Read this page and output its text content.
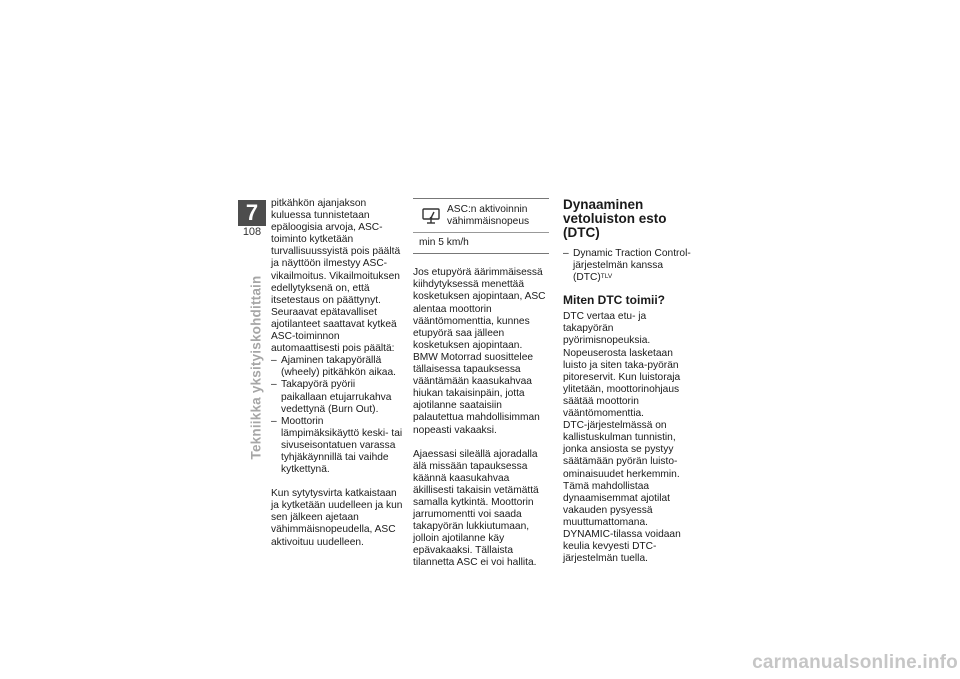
7
108
Tekniikka yksityiskohdittain

pitkähkön ajanjakson kuluessa tunnistetaan epäloogisia arvoja, ASC-toiminto kytketään turvallisuussyistä pois päältä ja näyttöön ilmestyy ASC-vikailmoitus. Vikailmoituksen edellytyksenä on, että itsetestaus on päättynyt.

Seuraavat epätavalliset ajotilanteet saattavat kytkeä ASC-toiminnon automaattisesti pois päältä:

– Ajaminen takapyörällä (wheely) pitkähkön aikaa.
– Takapyörä pyörii paikallaan etujarrukahva vedettynä (Burn Out).
– Moottorin lämpimäksikäyttö keski- tai sivuseisontatuen varassa tyhjäkäynnillä tai vaihde kytkettynä.

Kun sytytysvirta katkaistaan ja kytketään uudelleen ja kun sen jälkeen ajetaan vähimmäisnopeudella, ASC aktivoituu uudelleen.

ASC:n aktivoinnin vähimmäisnopeus
min 5 km/h

Jos etupyörä äärimmäisessä kiihdytyksessä menettää kosketuksen ajopintaan, ASC alentaa moottorin vääntömomenttia, kunnes etupyörä saa jälleen kosketuksen ajopintaan.

BMW Motorrad suosittelee tällaisessa tapauksessa vääntämään kaasukahvaa hiukan takaisinpäin, jotta ajotilanne saataisiin palautettua mahdollisimman nopeasti vakaaksi.

Ajaessasi sileällä ajoradalla älä missään tapauksessa käännä kaasukahvaa äkillisesti takaisin vetämättä samalla kytkintä. Moottorin jarrumomentti voi saada takapyörän lukkiutumaan, jolloin ajotilanne käy epävakaaksi. Tällaista tilannetta ASC ei voi hallita.

Dynaaminen vetoluiston esto (DTC)
– Dynamic Traction Control-järjestelmän kanssa (DTC)$^{TLV}$
Miten DTC toimii?

DTC vertaa etu- ja takapyörän pyörimisnopeuksia. Nopeuserosta lasketaan luisto ja siten taka-pyörän pitoreservit. Kun luistoraja ylitetään, moottorinohjaus säätää moottorin vääntömomenttia.

DTC-järjestelmässä on kallistuskulman tunnistin, jonka ansiosta se pystyy säätämään pyörän luisto-ominaisuudet herkemmin. Tämä mahdollistaa dynaamisemmat ajotilat vakauden pysyessä muuttumattomana. DYNAMIC-tilassa voidaan keulia kevyesti DTC-järjestelmän tuella.

carmanualsonline.info
